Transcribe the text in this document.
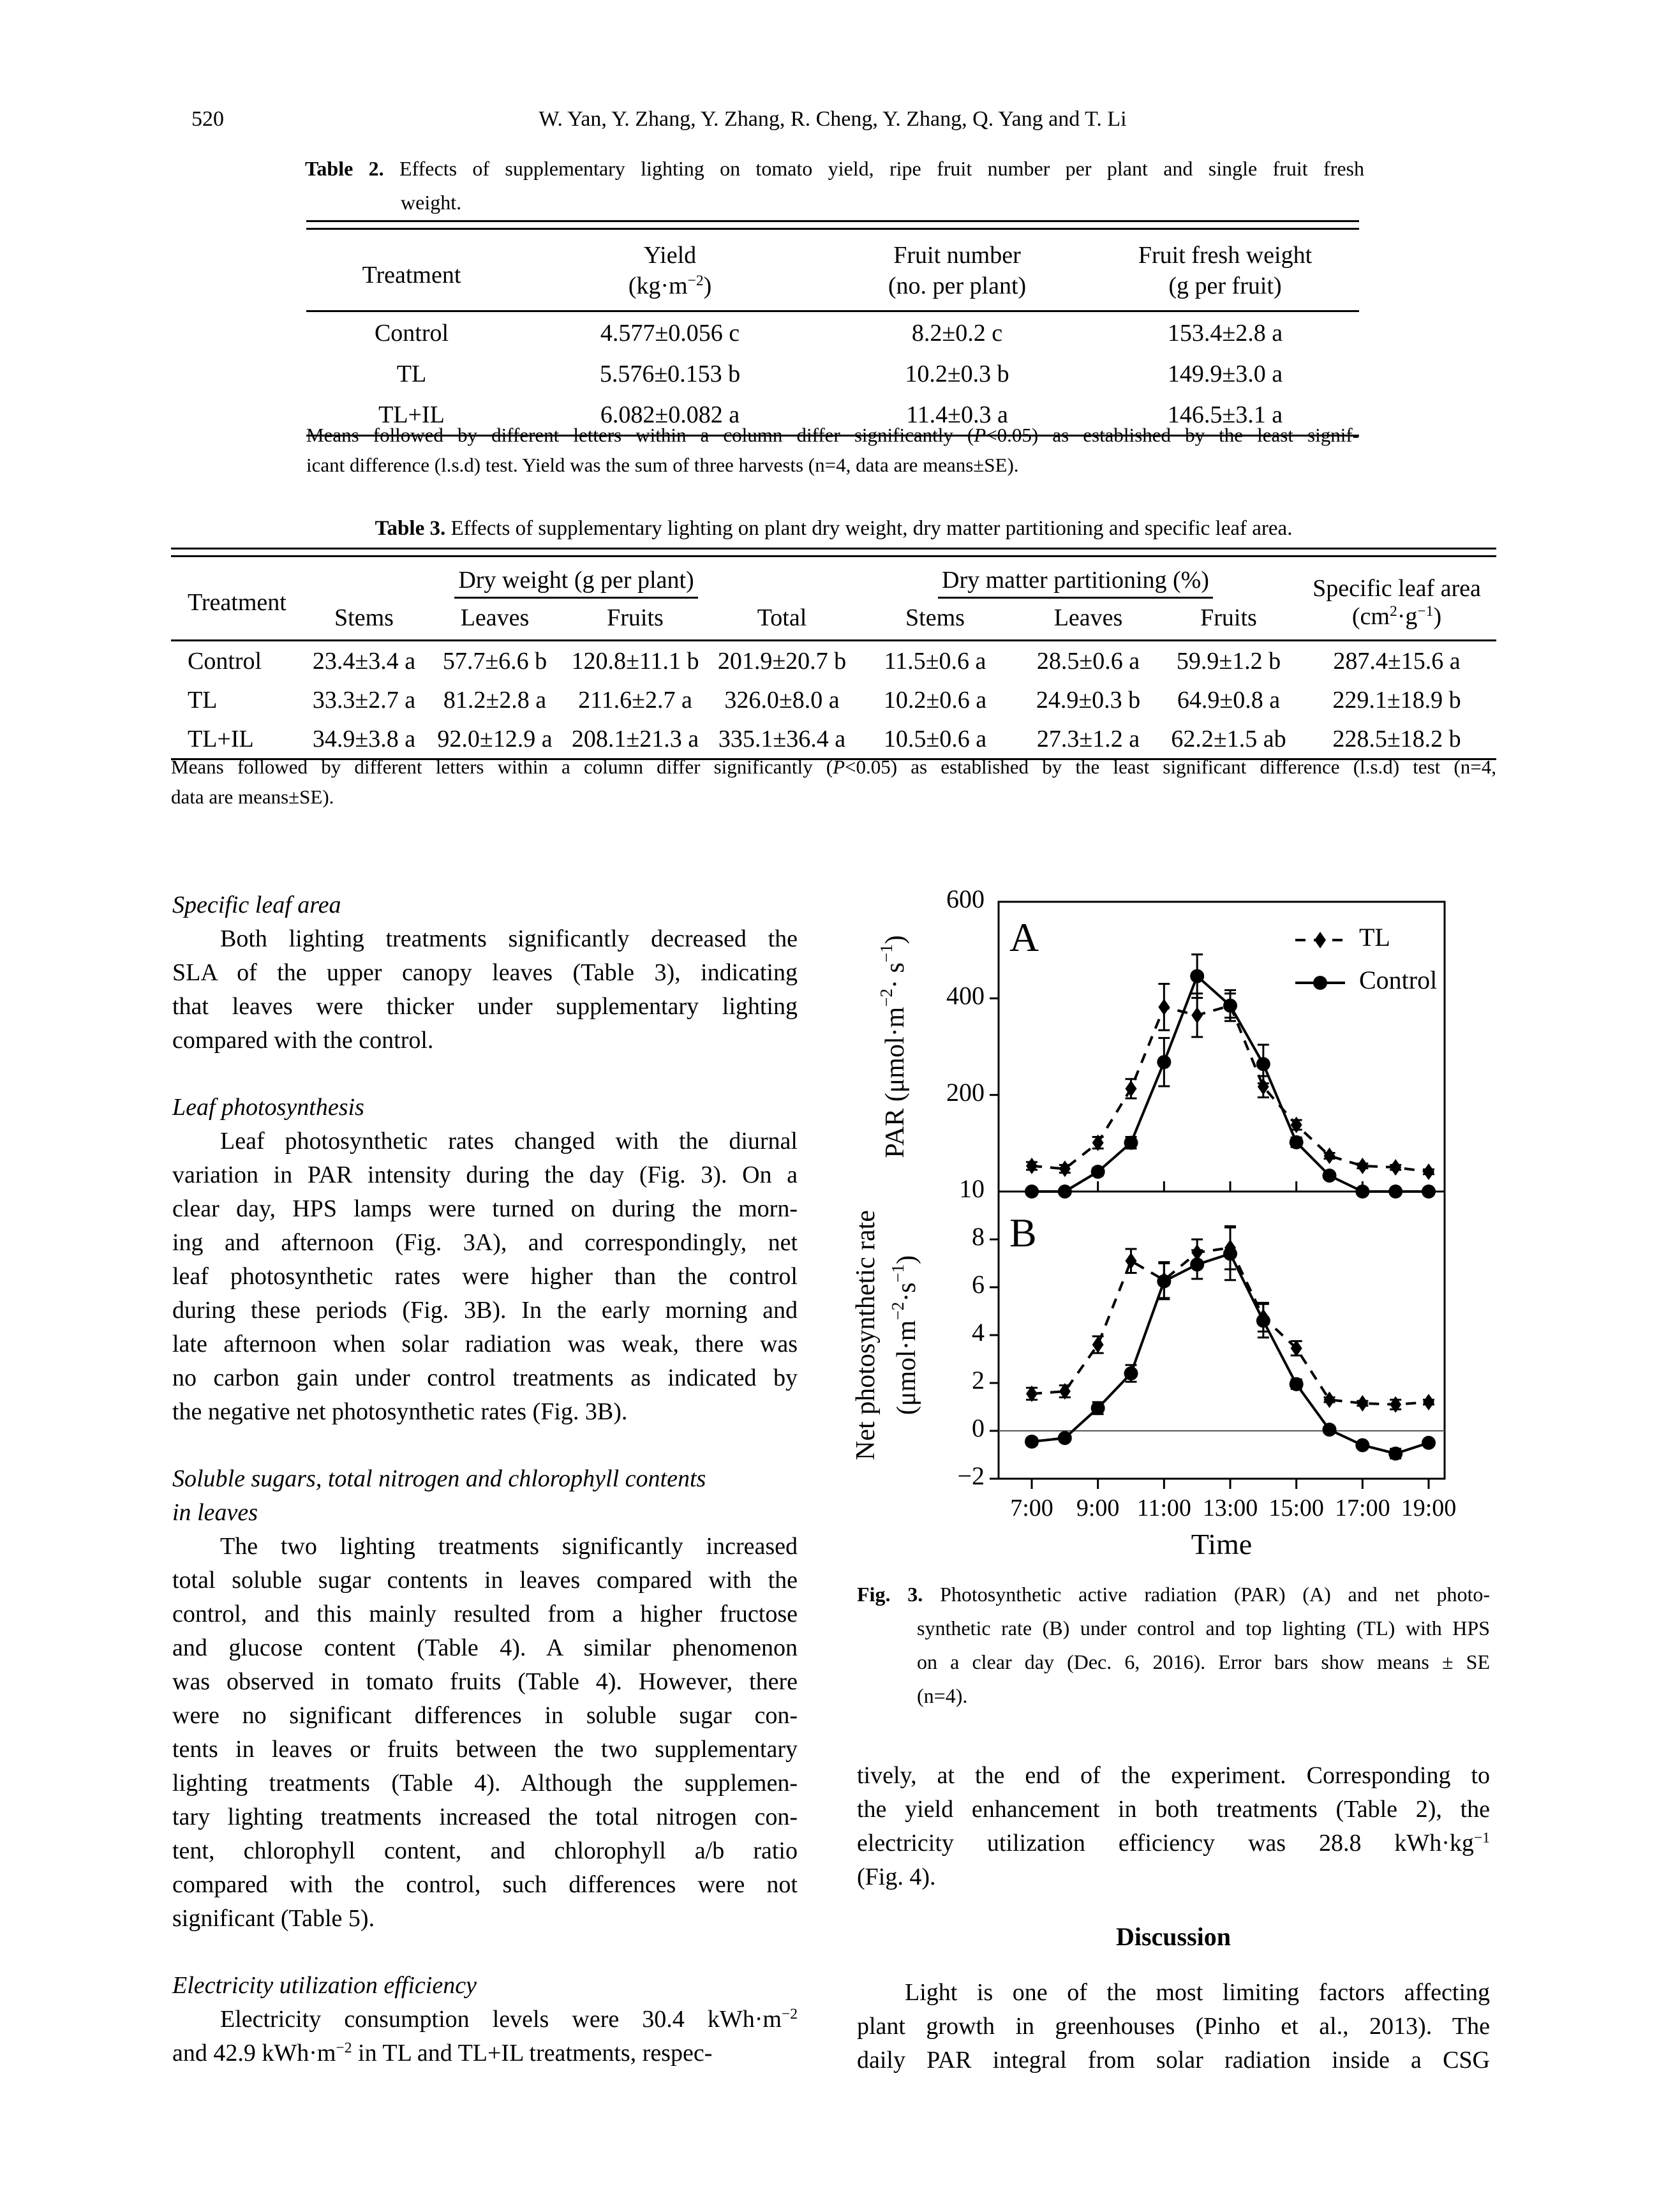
520	W. Yan, Y. Zhang, Y. Zhang, R. Cheng, Y. Zhang, Q. Yang and T. Li
Table 2. Effects of supplementary lighting on tomato yield, ripe fruit number per plant and single fruit fresh
weight.
Treatment	Yield	Fruit number	Fruit fresh weight
	$(kg\cdot m^{-2})$	(no. per plant)	(g per fruit)
Control	4.577±0.056 c	8.2±0.2 c	153.4±2.8 a
TL	5.576±0.153 b	10.2±0.3 b	149.9±3.0 a
TL+IL	6.082±0.082 a	11.4±0.3 a	146.5±3.1 a
Means followed by different letters within a column differ significantly (P<0.05) as established by the least signif-
icant difference (l.s.d) test. Yield was the sum of three harvests (n=4, data are means±SE).
Table 3. Effects of supplementary lighting on plant dry weight, dry matter partitioning and specific leaf area.
Treatment	Dry weight (g per plant)				Dry matter partitioning (%)			Specific leaf area
$(cm^2\cdot g^{-1})$

	Stems	Leaves	Fruits	Total	Stems	Leaves	Fruits	
Control	23.4±3.4 a	57.7±6.6 b	120.8±11.1 b	201.9±20.7 b	11.5±0.6 a	28.5±0.6 a	59.9±1.2 b	287.4±15.6 a
TL	33.3±2.7 a	81.2±2.8 a	211.6±2.7 a	326.0±8.0 a	10.2±0.6 a	24.9±0.3 b	64.9±0.8 a	229.1±18.9 b
TL+IL	34.9±3.8 a	92.0±12.9 a	208.1±21.3 a	335.1±36.4 a	10.5±0.6 a	27.3±1.2 a	62.2±1.5 ab	228.5±18.2 b
Means followed by different letters within a column differ significantly (P<0.05) as established by the least significant difference (l.s.d) test (n=4,
data are means±SE).
Specific leaf area
Both lighting treatments significantly decreased the
SLA of the upper canopy leaves (Table 3), indicating
that leaves were thicker under supplementary lighting
compared with the control.
Leaf photosynthesis
Leaf photosynthetic rates changed with the diurnal
variation in PAR intensity during the day (Fig. 3). On a
clear day, HPS lamps were turned on during the morn-
ing and afternoon (Fig. 3A), and correspondingly, net
leaf photosynthetic rates were higher than the control
during these periods (Fig. 3B). In the early morning and
late afternoon when solar radiation was weak, there was
no carbon gain under control treatments as indicated by
the negative net photosynthetic rates (Fig. 3B).
Soluble sugars, total nitrogen and chlorophyll contents
in leaves
The two lighting treatments significantly increased
total soluble sugar contents in leaves compared with the
control, and this mainly resulted from a higher fructose
and glucose content (Table 4). A similar phenomenon
was observed in tomato fruits (Table 4). However, there
were no significant differences in soluble sugar con-
tents in leaves or fruits between the two supplementary
lighting treatments (Table 4). Although the supplemen-
tary lighting treatments increased the total nitrogen con-
tent, chlorophyll content, and chlorophyll a/b ratio
compared with the control, such differences were not
significant (Table 5).
Electricity utilization efficiency
Electricity consumption levels were 30.4 $kWh\cdot m^{-2}$
and 42.9 $kWh\cdot m^{-2}$ in TL and TL+IL treatments, respec-
600
400
200
10
8
6
4
2
0
−2
7:00 9:00 11:00 13:00 15:00 17:00 19:00
TL
Control
A
B
PAR $(\mu mol\cdot m^{-2}\cdot s^{-1})$
Net photosynthetic rate $(\mu mol\cdot m^{-2}\cdot s^{-1})$
Time
Fig. 3. Photosynthetic active radiation (PAR) (A) and net photo-
synthetic rate (B) under control and top lighting (TL) with HPS
on a clear day (Dec. 6, 2016). Error bars show means ± SE
(n=4).
tively, at the end of the experiment. Corresponding to
the yield enhancement in both treatments (Table 2), the
electricity utilization efficiency was 28.8 $kWh\cdot kg^{-1}$
(Fig. 4).
Discussion
Light is one of the most limiting factors affecting
plant growth in greenhouses (Pinho et al., 2013). The
daily PAR integral from solar radiation inside a CSG
